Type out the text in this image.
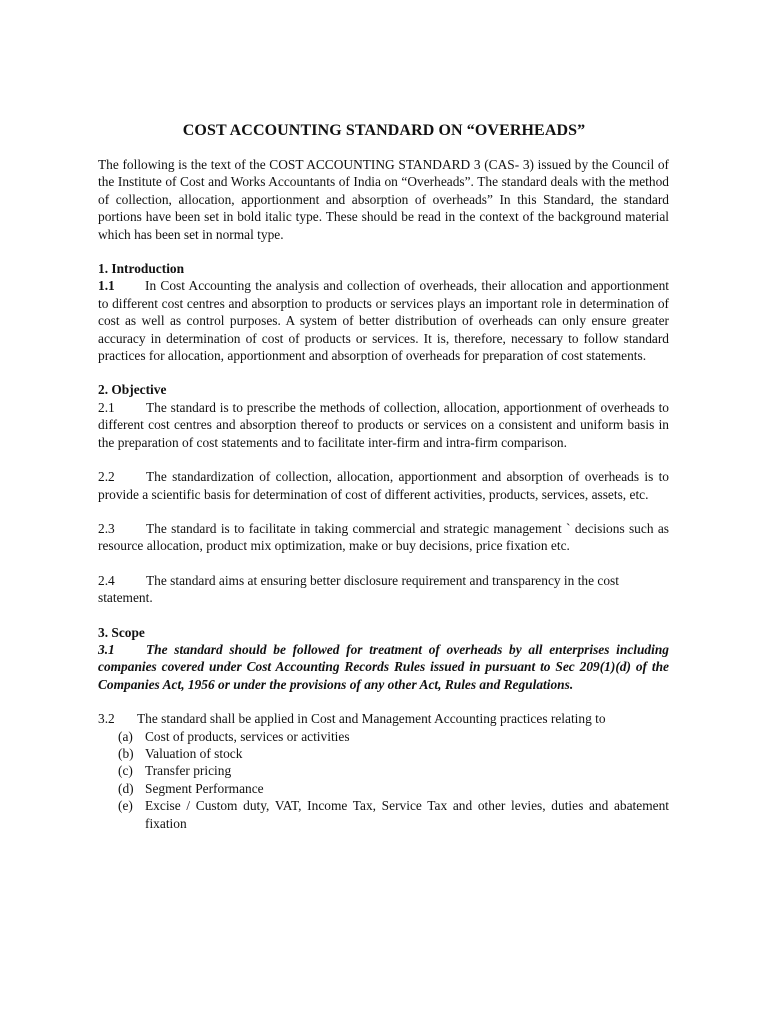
COST ACCOUNTING STANDARD ON “OVERHEADS”

The following is the text of the COST ACCOUNTING STANDARD 3 (CAS- 3) issued by the Council of the Institute of Cost and Works Accountants of India on “Overheads”. The standard deals with the method of collection, allocation, apportionment and absorption of overheads” In this Standard, the standard portions have been set in bold italic type. These should be read in the context of the background material which has been set in normal type.

1. Introduction

1.1 In Cost Accounting the analysis and collection of overheads, their allocation and apportionment to different cost centres and absorption to products or services plays an important role in determination of cost as well as control purposes. A system of better distribution of overheads can only ensure greater accuracy in determination of cost of products or services. It is, therefore, necessary to follow standard practices for allocation, apportionment and absorption of overheads for preparation of cost statements.

2. Objective

2.1 The standard is to prescribe the methods of collection, allocation, apportionment of overheads to different cost centres and absorption thereof to products or services on a consistent and uniform basis in the preparation of cost statements and to facilitate inter-firm and intra-firm comparison.

2.2 The standardization of collection, allocation, apportionment and absorption of overheads is to provide a scientific basis for determination of cost of different activities, products, services, assets, etc.

2.3 The standard is to facilitate in taking commercial and strategic management ` decisions such as resource allocation, product mix optimization, make or buy decisions, price fixation etc.

2.4 The standard aims at ensuring better disclosure requirement and transparency in the cost statement.

3. Scope

3.1 The standard should be followed for treatment of overheads by all enterprises including companies covered under Cost Accounting Records Rules issued in pursuant to Sec 209(1)(d) of the Companies Act, 1956 or under the provisions of any other Act, Rules and Regulations.

3.2 The standard shall be applied in Cost and Management Accounting practices relating to

(a) Cost of products, services or activities
(b) Valuation of stock
(c) Transfer pricing
(d) Segment Performance
(e) Excise / Custom duty, VAT, Income Tax, Service Tax and other levies, duties and abatement fixation
